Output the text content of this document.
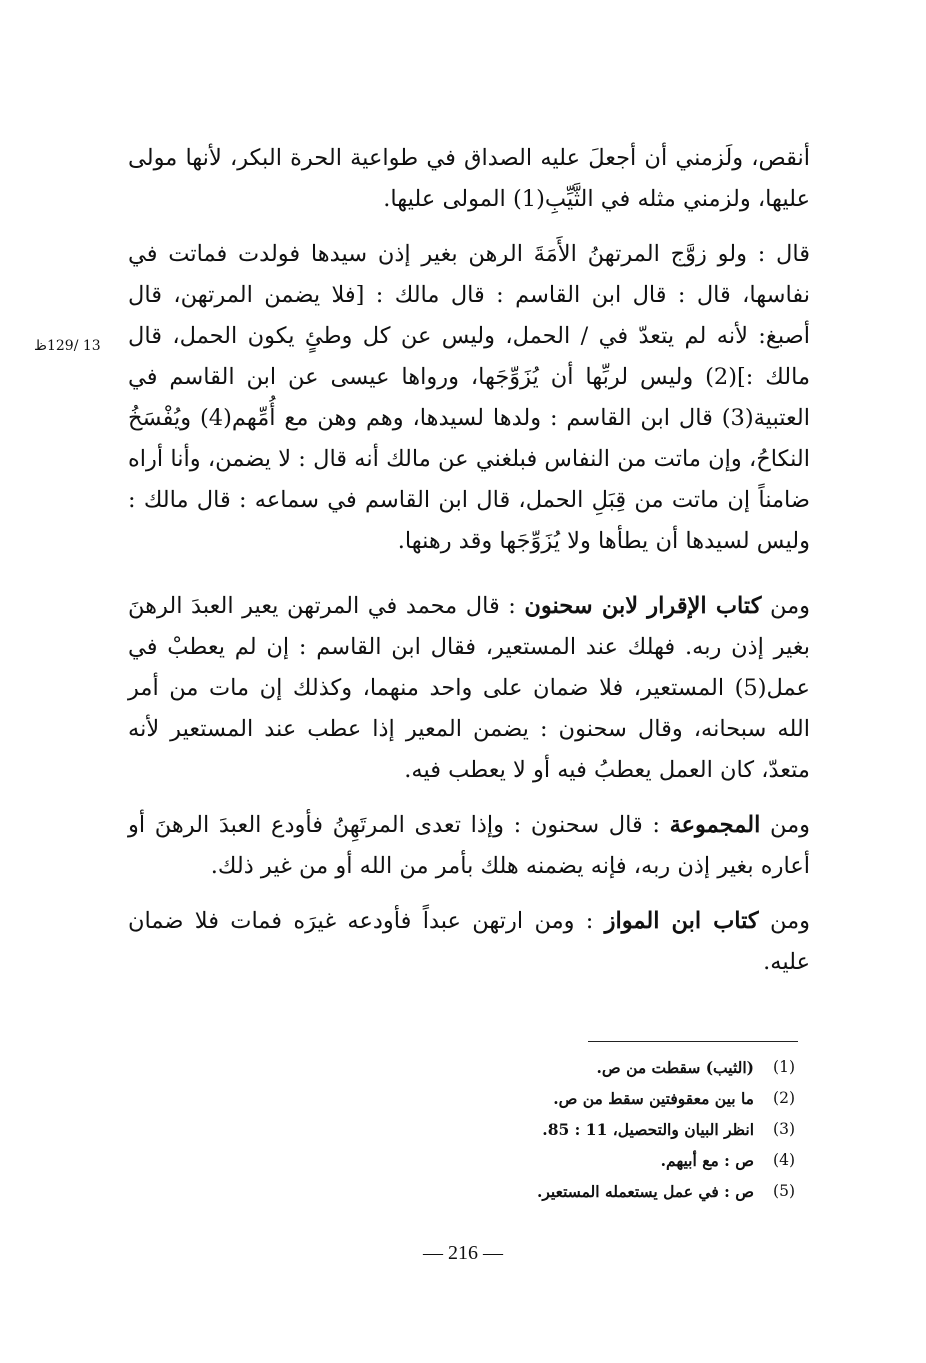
أنقص، ولَزمني أن أجعلَ عليه الصداق في طواعية الحرة البكر، لأنها مولى عليها، ولزمني مثله في الثَّيِّبِ(1) المولى عليها.

قال : ولو زوَّج المرتهنُ الأَمَةَ الرهن بغير إذن سيدها فولدت فماتت في نفاسها، قال : قال ابن القاسم : قال مالك : [فلا يضمن المرتهن، قال أصبغ: لأنه لم يتعدّ في / الحمل، وليس عن كل وطئٍ يكون الحمل، قال مالك :](2) وليس لربِّها أن يُزَوِّجَها، ورواها عيسى عن ابن القاسم في العتبية(3) قال ابن القاسم : ولدها لسيدها، وهم وهن مع أُمِّهم(4) ويُفْسَخُ النكاحُ، وإن ماتت من النفاس فبلغني عن مالك أنه قال : لا يضمن، وأنا أراه ضامناً إن ماتت من قِبَلِ الحمل، قال ابن القاسم في سماعه : قال مالك : وليس لسيدها أن يطأها ولا يُزَوِّجَها وقد رهنها.

ومن كتاب الإقرار لابن سحنون : قال محمد في المرتهن يعير العبدَ الرهنَ بغير إذن ربه. فهلك عند المستعير، فقال ابن القاسم : إن لم يعطبْ في عمل(5) المستعير، فلا ضمان على واحد منهما، وكذلك إن مات من أمر الله سبحانه، وقال سحنون : يضمن المعير إذا عطب عند المستعير لأنه متعدّ، كان العمل يعطبُ فيه أو لا يعطب فيه.

ومن المجموعة : قال سحنون : وإذا تعدى المرتَهِنُ فأودع العبدَ الرهنَ أو أعاره بغير إذن ربه، فإنه يضمنه هلك بأمر من الله أو من غير ذلك.

ومن كتاب ابن المواز : ومن ارتهن عبداً فأودعه غيرَه فمات فلا ضمان عليه.

13 /129ظ
(1)
(الثيب) سقطت من ص.
(2)
ما بين معقوفتين سقط من ص.
(3)
انظر البيان والتحصيل، 11 : 85.
(4)
ص : مع أبيهم.
(5)
ص : في عمل يستعمله المستعير.
— 216 —
